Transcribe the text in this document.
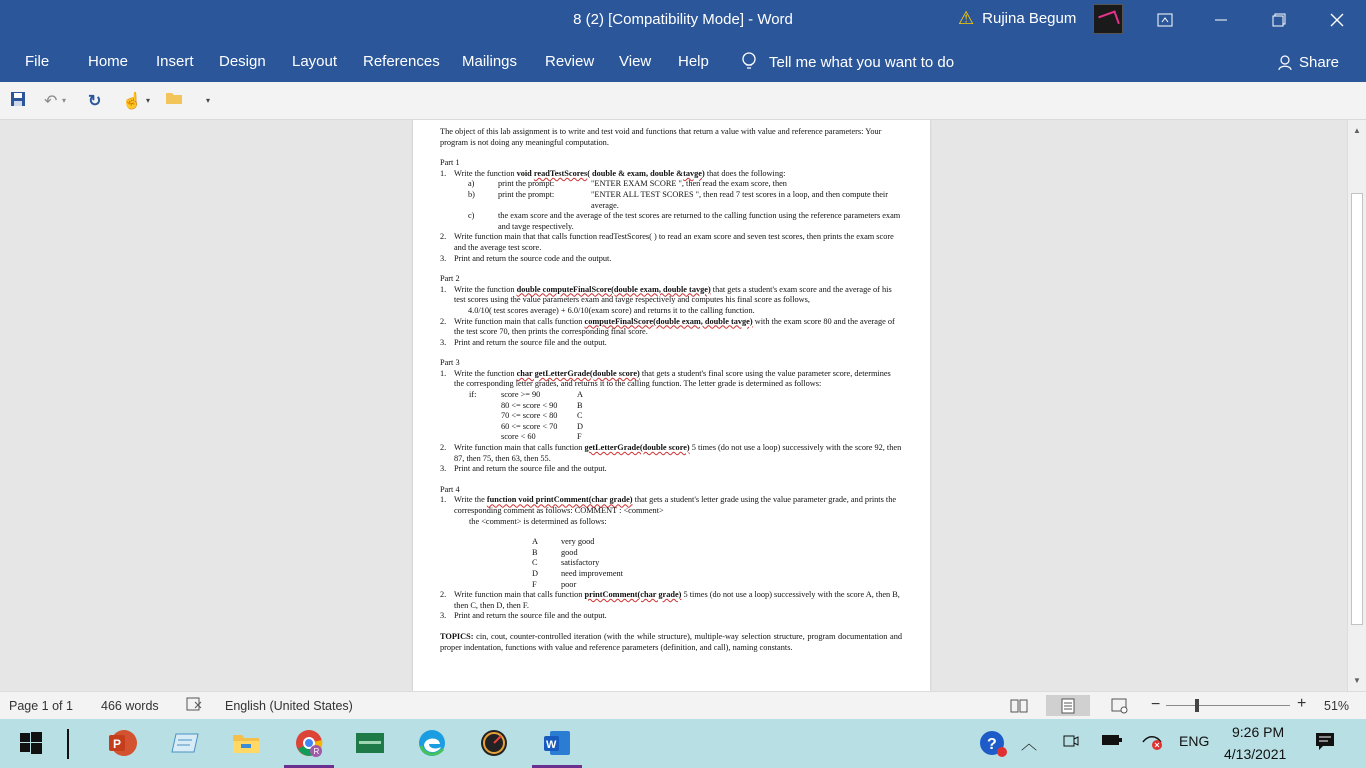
8 (2) [Compatibility Mode] - Word	⚠ Rujina Begum
File	Home Insert Design Layout References Mailings Review View Help	Tell me what you want to do	Share
↶ ▾ ↻ ☝ ▾	▾

The object of this lab assignment is to write and test void and functions that return a value with value and reference parameters: Your program is not doing any meaningful computation.

Part 1

1. Write the function void readTestScores( double & exam, double &tavge) that does the following:

a)	print the prompt:	"ENTER EXAM SCORE ", then read the exam score, then
b)	print the prompt:	"ENTER ALL TEST SCORES ", then read 7 test scores in a loop, and then compute their average.
c)	the exam score and the average of the test scores are returned to the calling function using the reference parameters exam and tavge respectively.
2. Write function main that that calls function readTestScores( ) to read an exam score and seven test scores, then prints the exam score and the average test score.

3. Print and return the source code and the output.

Part 2

1. Write the function double computeFinalScore(double exam, double tavge) that gets a student's exam score and the average of his test scores using the value parameters exam and tavge respectively and computes his final score as follows,
4.0/10( test scores average) + 6.0/10(exam score) and returns it to the calling function.

2. Write function main that calls function computeFinalScore(double exam, double tavge) with the exam score 80 and the average of the test score 70, then prints the corresponding final score.

3. Print and return the source file and the output.

Part 3

1. Write the function char getLetterGrade(double score) that gets a student's final score using the value parameter score, determines the corresponding letter grades, and returns it to the calling function. The letter grade is determined as follows:

if:	score >= 90	A
80 <= score < 90	B
70 <= score < 80	C
60 <= score < 70	D
score < 60	F
2. Write function main that calls function getLetterGrade(double score) 5 times (do not use a loop) successively with the score 92, then 87, then 75, then 63, then 55.

3. Print and return the source file and the output.

Part 4

1. Write the function void printComment(char grade) that gets a student's letter grade using the value parameter grade, and prints the corresponding comment as follows: COMMENT : <comment>
the <comment> is determined as follows:

A	very good
B	good
C	satisfactory
D	need improvement
F	poor
2. Write function main that calls function printComment(char grade) 5 times (do not use a loop) successively with the score A, then B, then C, then D, then F.

3. Print and return the source file and the output.

TOPICS: cin, cout, counter-controlled iteration (with the while structure), multiple-way selection structure, program documentation and proper indentation, functions with value and reference parameters (definition, and call), naming constants.

▲
▼
Page 1 of 1 466 words	English (United States)	−	+ 51%
P
R
W	? ︿	ENG
9:26 PM
4/13/2021
